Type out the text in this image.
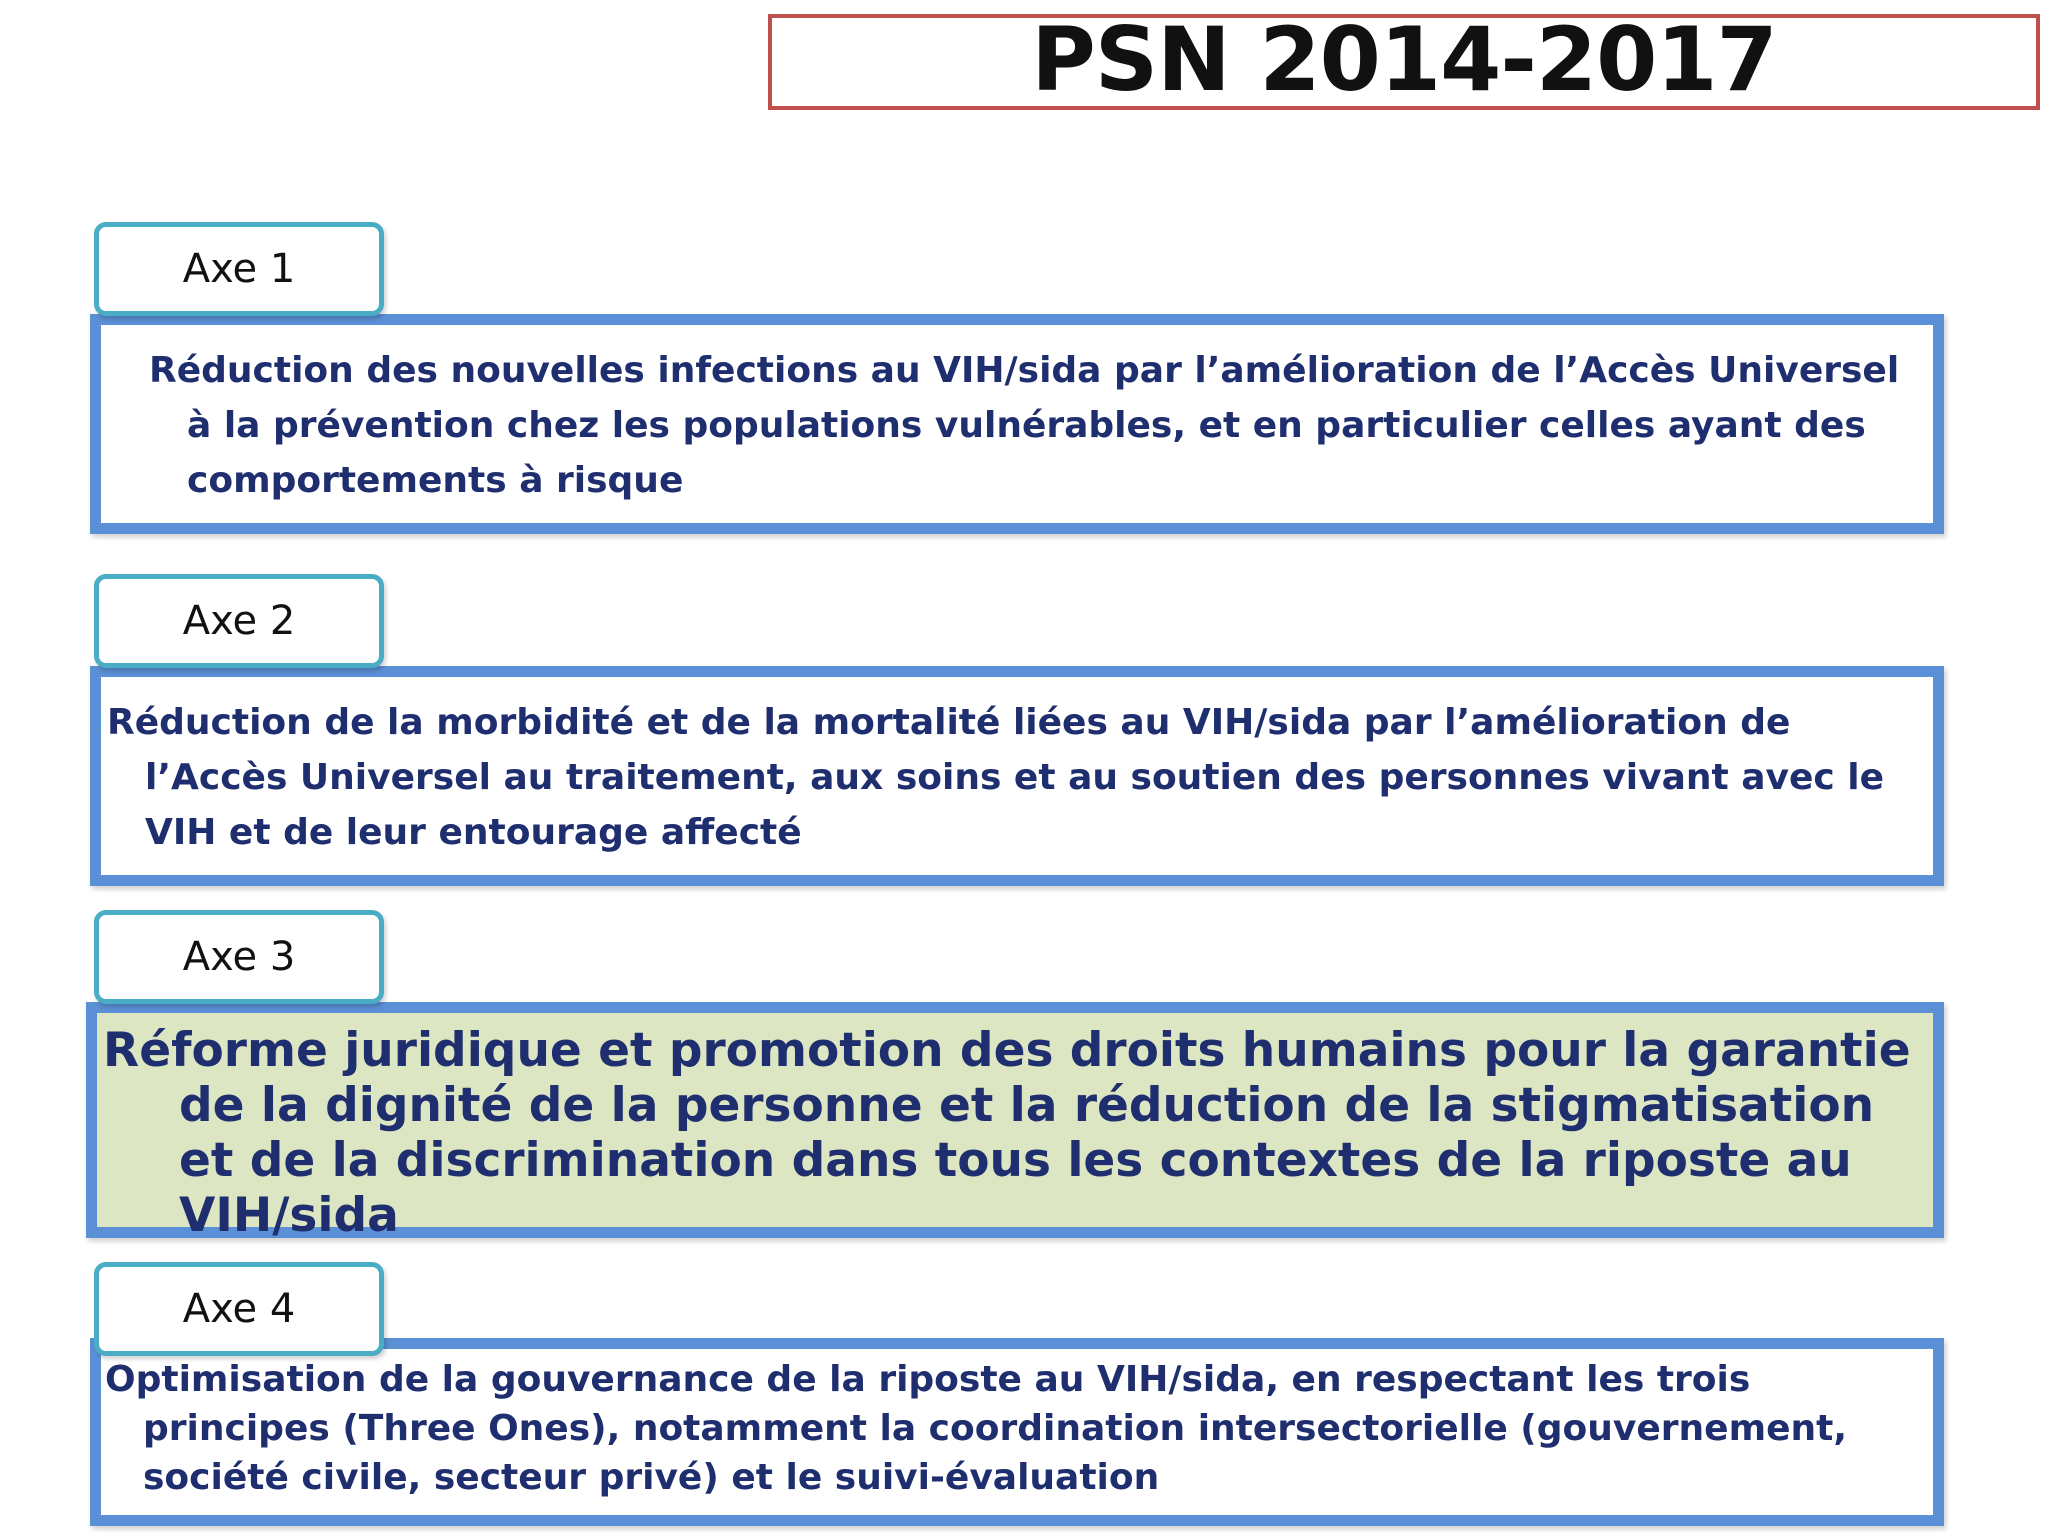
PSN 2014-2017
Axe 1
Réduction des nouvelles infections au VIH/sida par l’amélioration de l’Accès Universel à la prévention chez les populations vulnérables, et en particulier celles ayant des comportements à risque
Axe 2
Réduction de la morbidité et de la mortalité liées au VIH/sida par l’amélioration de l’Accès Universel au traitement, aux soins et au soutien des personnes vivant avec le VIH et de leur entourage affecté
Axe 3
Réforme juridique et promotion des droits humains pour la garantie de la dignité de la personne et la réduction de la stigmatisation et de la discrimination dans tous les contextes de la riposte au VIH/sida
Axe 4
Optimisation de la gouvernance de la riposte au VIH/sida, en respectant les trois principes (Three Ones), notamment la coordination intersectorielle (gouvernement, société civile, secteur privé) et le suivi-évaluation
